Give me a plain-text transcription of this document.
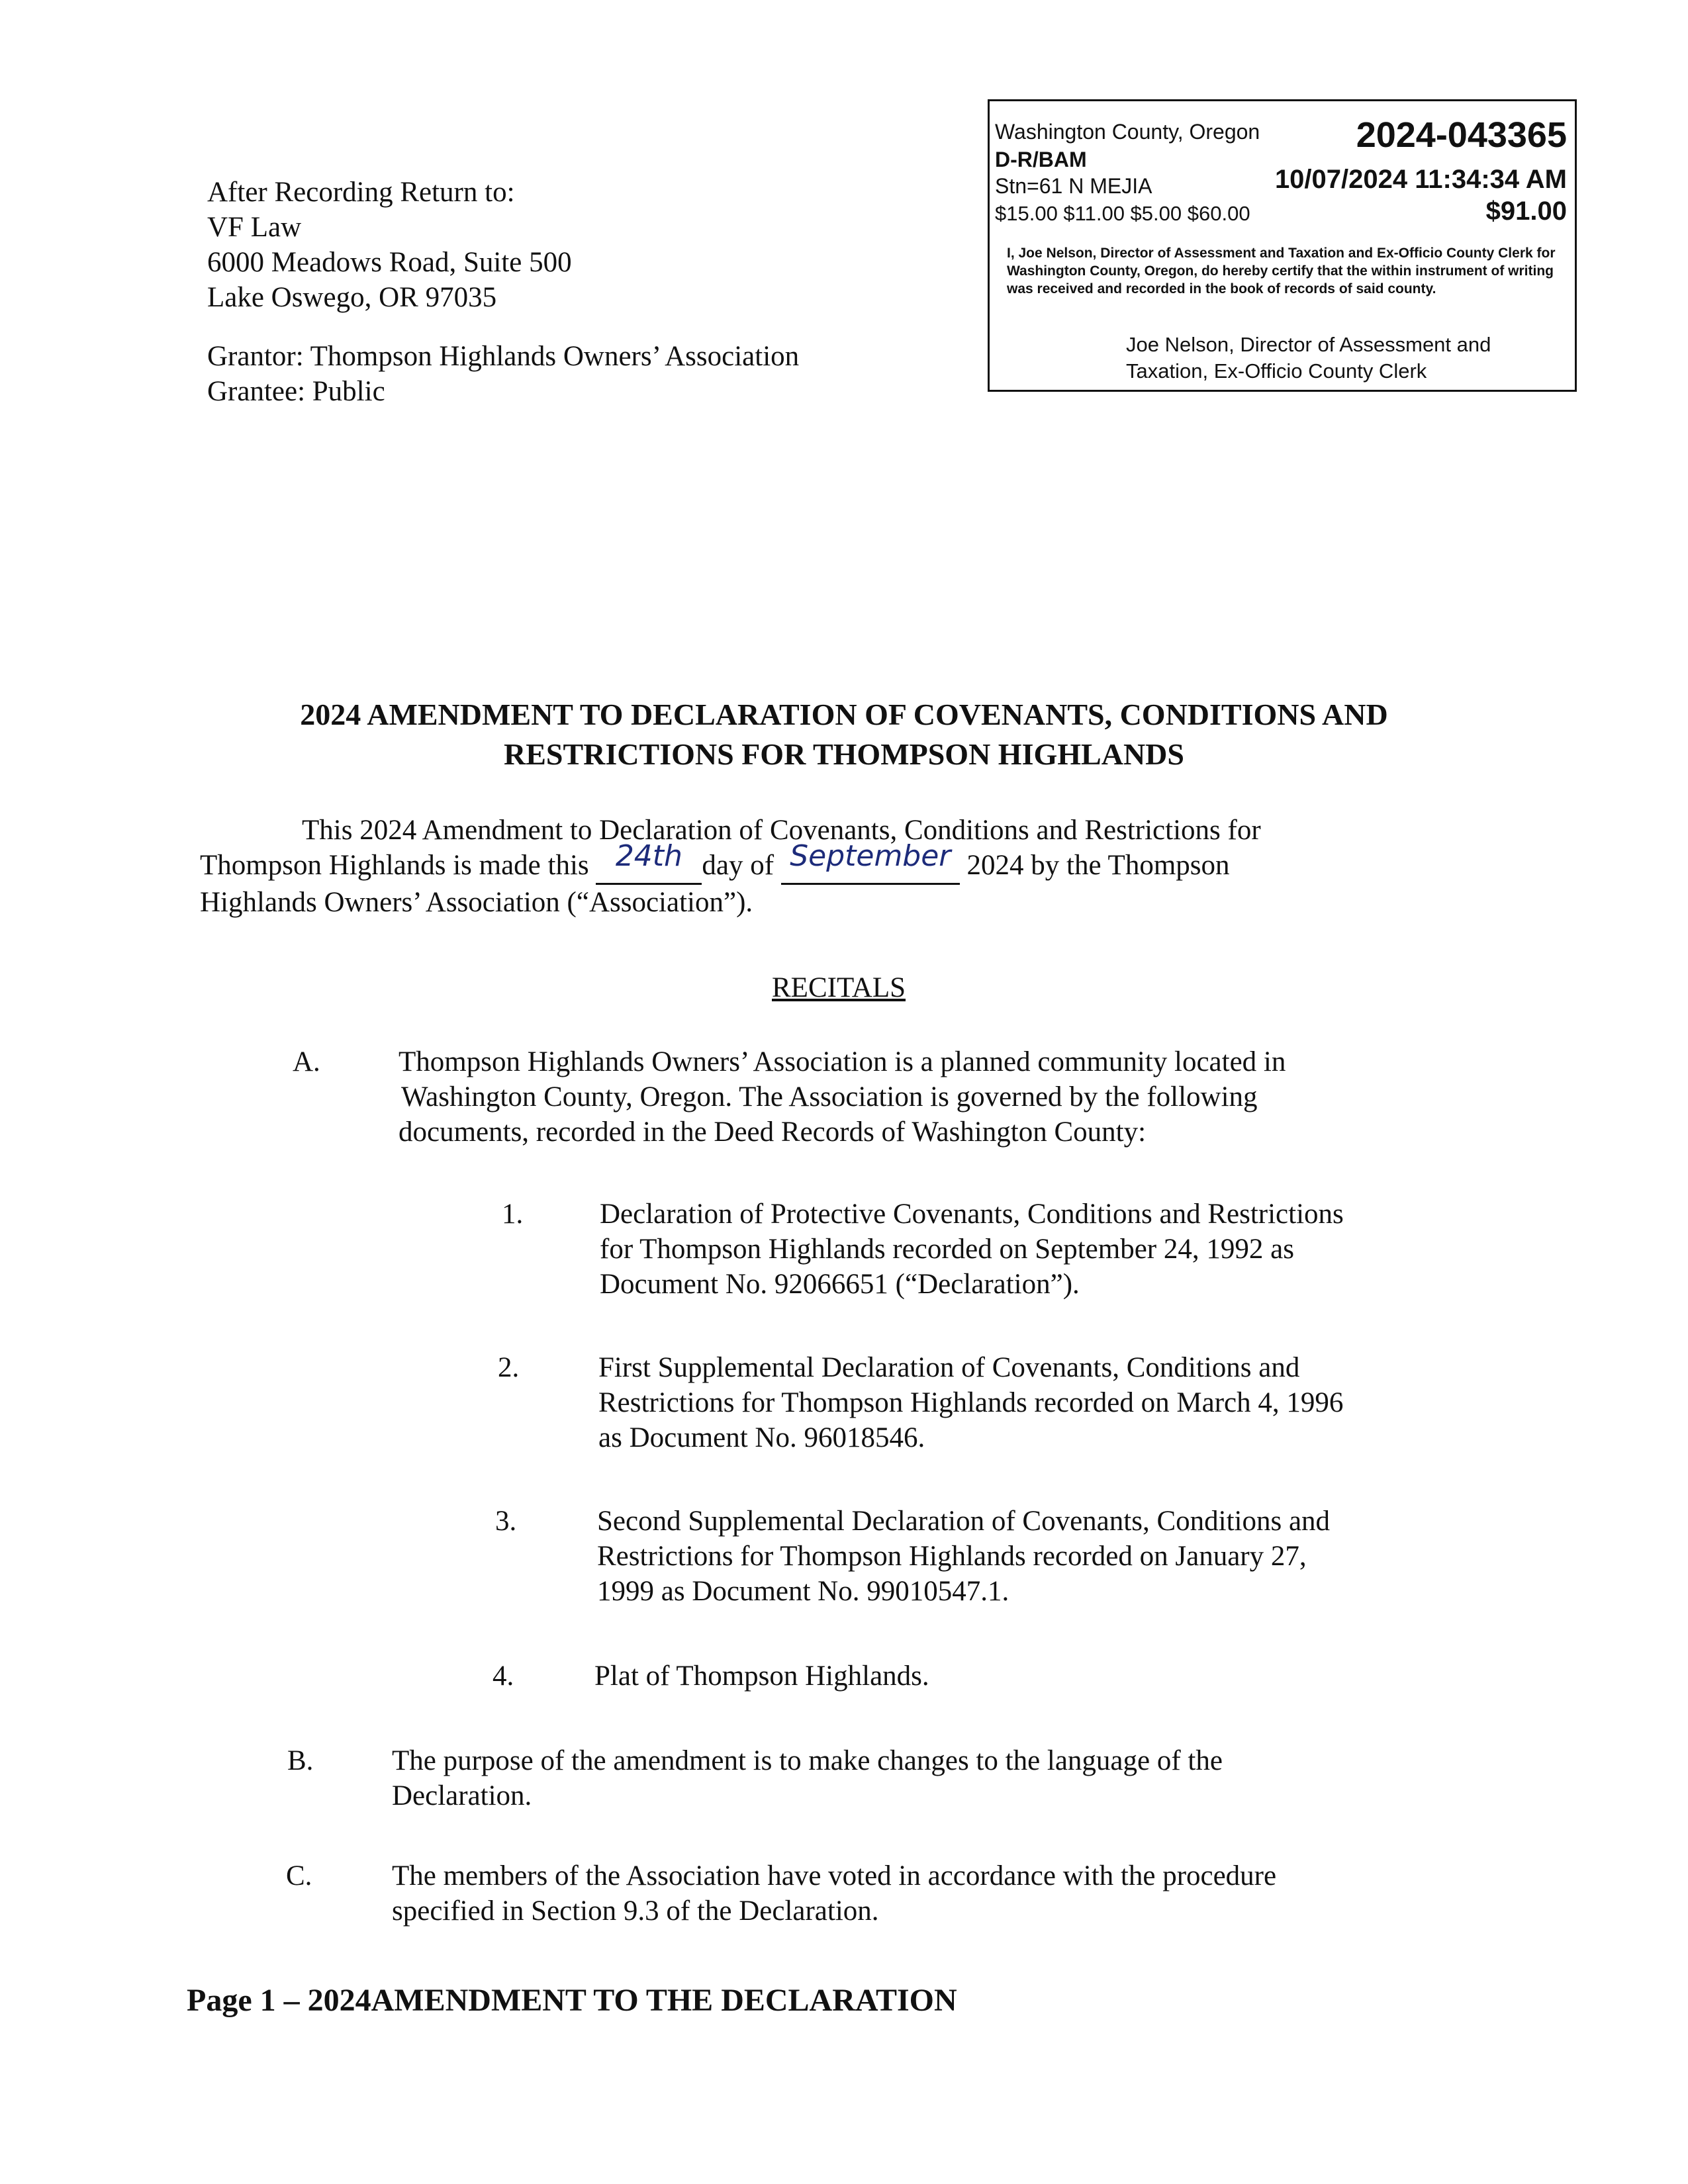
After Recording Return to:
VF Law
6000 Meadows Road, Suite 500
Lake Oswego, OR 97035
Grantor: Thompson Highlands Owners’ Association
Grantee: Public
Washington County, Oregon	2024-043365
D-R/BAM
Stn=61 N MEJIA	10/07/2024 11:34:34 AM
$15.00 $11.00 $5.00 $60.00	$91.00
I, Joe Nelson, Director of Assessment and Taxation and Ex-Officio County Clerk for Washington County, Oregon, do hereby certify that the within instrument of writing was received and recorded in the book of records of said county.
Joe Nelson, Director of Assessment and
Taxation, Ex-Officio County Clerk
2024 AMENDMENT TO DECLARATION OF COVENANTS, CONDITIONS AND
RESTRICTIONS FOR THOMPSON HIGHLANDS
This 2024 Amendment to Declaration of Covenants, Conditions and Restrictions for
Thompson Highlands is made this 24th day of September 2024 by the Thompson
Highlands Owners’ Association (“Association”).
RECITALS
A.	Thompson Highlands Owners’ Association is a planned community located in
Washington County, Oregon. The Association is governed by the following
documents, recorded in the Deed Records of Washington County:
1.	Declaration of Protective Covenants, Conditions and Restrictions
for Thompson Highlands recorded on September 24, 1992 as
Document No. 92066651 (“Declaration”).
2.	First Supplemental Declaration of Covenants, Conditions and
Restrictions for Thompson Highlands recorded on March 4, 1996
as Document No. 96018546.
3.	Second Supplemental Declaration of Covenants, Conditions and
Restrictions for Thompson Highlands recorded on January 27,
1999 as Document No. 99010547.1.
4.	Plat of Thompson Highlands.
B.	The purpose of the amendment is to make changes to the language of the
Declaration.
C.	The members of the Association have voted in accordance with the procedure
specified in Section 9.3 of the Declaration.
Page 1 – 2024AMENDMENT TO THE DECLARATION
